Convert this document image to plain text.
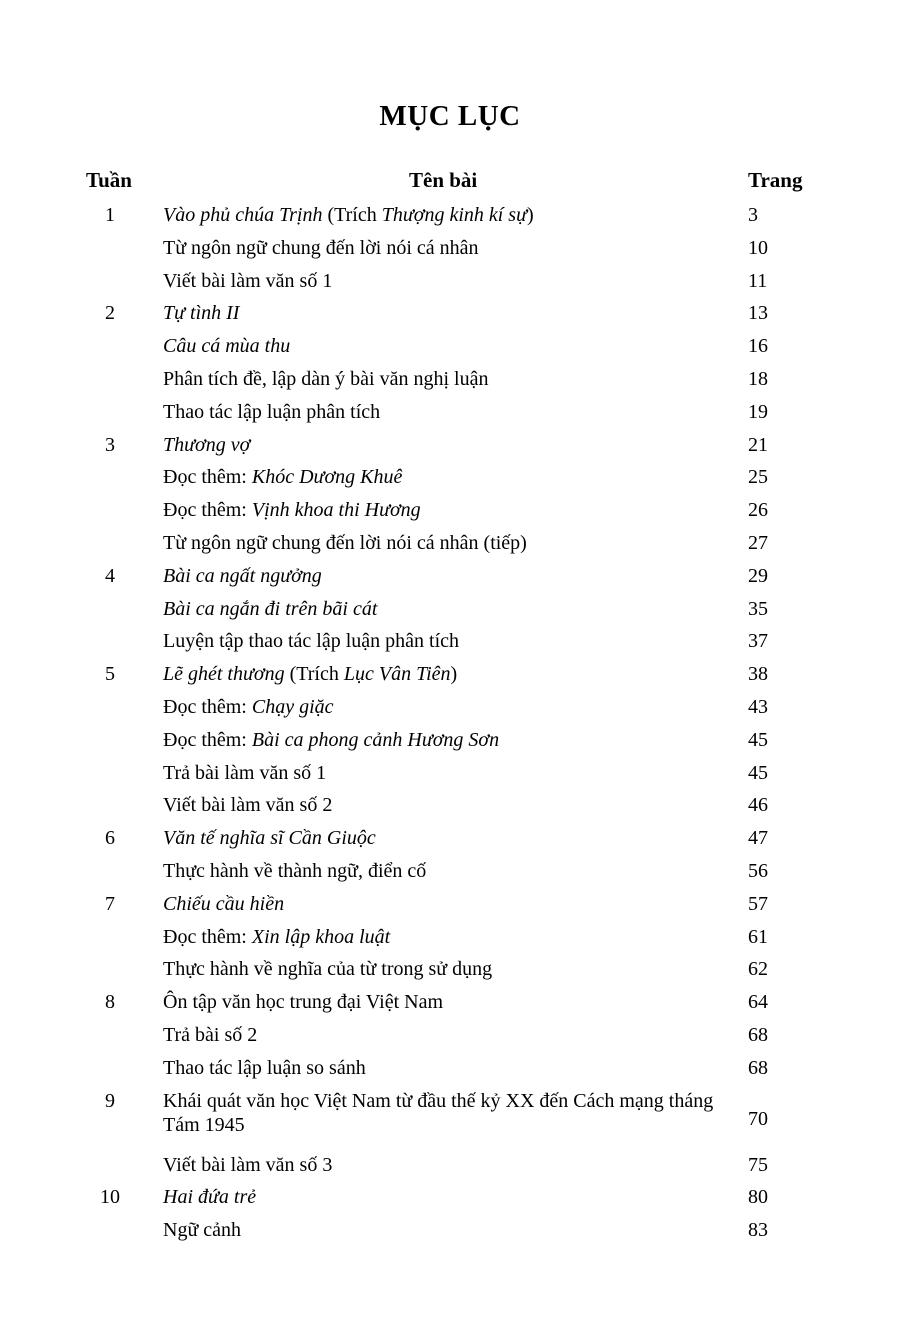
MỤC LỤC
Tuần	Tên bài	Trang
1	Vào phủ chúa Trịnh (Trích Thượng kinh kí sự)	3
Từ ngôn ngữ chung đến lời nói cá nhân	10
Viết bài làm văn số 1	11
2	Tự tình II	13
Câu cá mùa thu	16
Phân tích đề, lập dàn ý bài văn nghị luận	18
Thao tác lập luận phân tích	19
3	Thương vợ	21
Đọc thêm: Khóc Dương Khuê	25
Đọc thêm: Vịnh khoa thi Hương	26
Từ ngôn ngữ chung đến lời nói cá nhân (tiếp)	27
4	Bài ca ngất ngưởng	29
Bài ca ngắn đi trên bãi cát	35
Luyện tập thao tác lập luận phân tích	37
5	Lẽ ghét thương (Trích Lục Vân Tiên)	38
Đọc thêm: Chạy giặc	43
Đọc thêm: Bài ca phong cảnh Hương Sơn	45
Trả bài làm văn số 1	45
Viết bài làm văn số 2	46
6	Văn tế nghĩa sĩ Cần Giuộc	47
Thực hành về thành ngữ, điển cố	56
7	Chiếu cầu hiền	57
Đọc thêm: Xin lập khoa luật	61
Thực hành về nghĩa của từ trong sử dụng	62
8	Ôn tập văn học trung đại Việt Nam	64
Trả bài số 2	68
Thao tác lập luận so sánh	68
9	Khái quát văn học Việt Nam từ đầu thế kỷ XX đến Cách mạng tháng Tám 1945	70
Viết bài làm văn số 3	75
10	Hai đứa trẻ	80
Ngữ cảnh	83
